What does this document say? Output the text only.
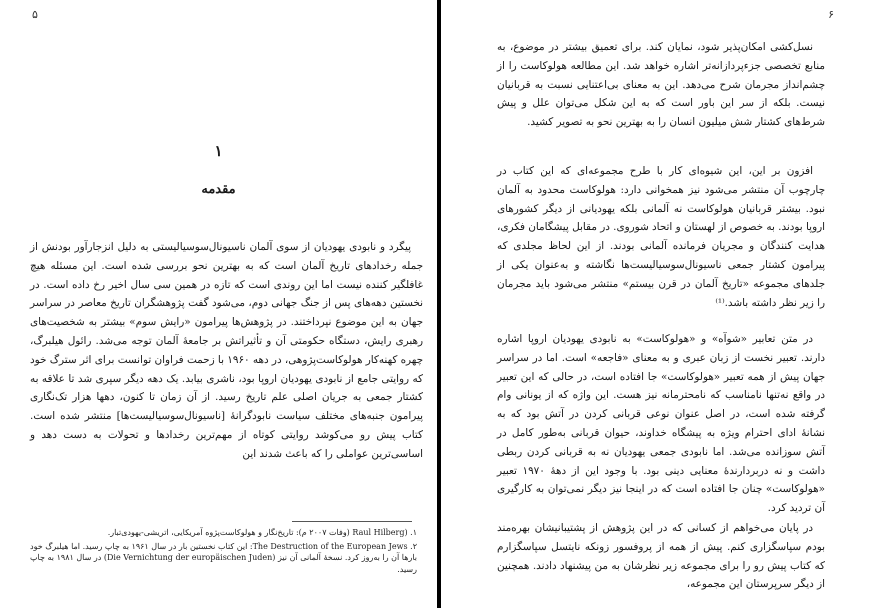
۵
۱
مقدمه

پیگرد و نابودی یهودیان از سوی آلمان ناسیونال‌سوسیالیستی به دلیل انزجارآور بودنش از جمله رخدادهای تاریخ آلمان است که به بهترین نحو بررسی شده است. این مسئله هیچ غافلگیر کننده نیست اما این روندی است که تازه در همین سی سال اخیر رخ داده است. در نخستین دهه‌های پس از جنگ جهانی دوم، می‌شود گفت پژوهشگران تاریخ معاصر در سراسر جهان به این موضوع نپرداختند. در پژوهش‌ها پیرامون «رایش سوم» بیشتر به شخصیت‌های رهبری رایش، دستگاه حکومتی آن و تأثیراتش بر جامعهٔ آلمان توجه می‌شد. رائول هیلبرگ، چهره کهنه‌کار هولوکاست‌پژوهی، در دهه ۱۹۶۰ با زحمت فراوان توانست برای اثر سترگ خود که روایتی جامع از نابودی یهودیان اروپا بود، ناشری بیابد. یک دهه دیگر سپری شد تا علاقه به کشتار جمعی به جریان اصلی علم تاریخ رسید. از آن زمان تا کنون، دهها هزار تک‌نگاری پیرامون جنبه‌های مختلف سیاست نابودگرانهٔ [ناسیونال‌سوسیالیست‌ها] منتشر شده است. کتاب پیش رو می‌کوشد روایتی کوتاه از مهم‌ترین رخدادها و تحولات به دست دهد و اساسی‌ترین عواملی را که باعث شدند این

۱. (Raul Hilberg (وفات ۲۰۰۷ م): تاریخ‌نگار و هولوکاست‌پژوه آمریکایی، اتریشی-یهودی‌تبار.
۲. The Destruction of the European Jews: این کتاب نخستین بار در سال ۱۹۶۱ به چاپ رسید. اما هیلبرگ خود بارها آن را به‌روز کرد. نسخهٔ آلمانی آن نیز (Die Vernichtung der europäischen Juden) در سال ۱۹۸۱ به چاپ رسید.
۶

نسل‌کشی امکان‌پذیر شود، نمایان کند. برای تعمیق بیشتر در موضوع، به منابع تخصصی جزءپردازانه‌تر اشاره خواهد شد. این مطالعه هولوکاست را از چشم‌انداز مجرمان شرح می‌دهد. این به معنای بی‌اعتنایی نسبت به قربانیان نیست. بلکه از سر این باور است که به این شکل می‌توان علل و پیش شرط‌های کشتار شش میلیون انسان را به بهترین نحو به تصویر کشید.

افزون بر این، این شیوه‌ای کار با طرح مجموعه‌ای که این کتاب در چارچوب آن منتشر می‌شود نیز همخوانی دارد: هولوکاست محدود به آلمان نبود. بیشتر قربانیان هولوکاست نه آلمانی بلکه یهودیانی از دیگر کشورهای اروپا بودند. به خصوص از لهستان و اتحاد شوروی. در مقابل پیشگامان فکری، هدایت کنندگان و مجریان فرمانده آلمانی بودند. از این لحاظ مجلدی که پیرامون کشتار جمعی ناسیونال‌سوسیالیست‌ها نگاشته و به‌عنوان یکی از جلدهای مجموعه «تاریخ آلمان در قرن بیستم» منتشر می‌شود باید مجرمان را زیر نظر داشته باشد.⁽¹⁾

در متن تعابیر «شوآه» و «هولوکاست» به نابودی یهودیان اروپا اشاره دارند. تعبیر نخست از زبان عبری و به معنای «فاجعه» است. اما در سراسر جهان پیش از همه تعبیر «هولوکاست» جا افتاده است، در حالی که این تعبیر در واقع نه‌تنها نامناسب که نامحترمانه نیز هست. این واژه که از یونانی وام گرفته شده است، در اصل عنوان نوعی قربانی کردن در آتش بود که به نشانهٔ ادای احترام ویژه به پیشگاه خداوند، حیوان قربانی به‌طور کامل در آتش سوزانده می‌شد. اما نابودی جمعی یهودیان نه به قربانی کردن ربطی داشت و نه دربردارندهٔ معنایی دینی بود. با وجود این از دههٔ ۱۹۷۰ تعبیر «هولوکاست» چنان جا افتاده است که در اینجا نیز دیگر نمی‌توان به کارگیری آن تردید کرد.

در پایان می‌خواهم از کسانی که در این پژوهش از پشتیبانیشان بهره‌مند بودم سپاسگزاری کنم. پیش از همه از پروفسور زونکه نایتسل سپاسگزارم که کتاب پیش رو را برای مجموعه زیر نظرشان به من پیشنهاد دادند. همچنین از دیگر سرپرستان این مجموعه،
